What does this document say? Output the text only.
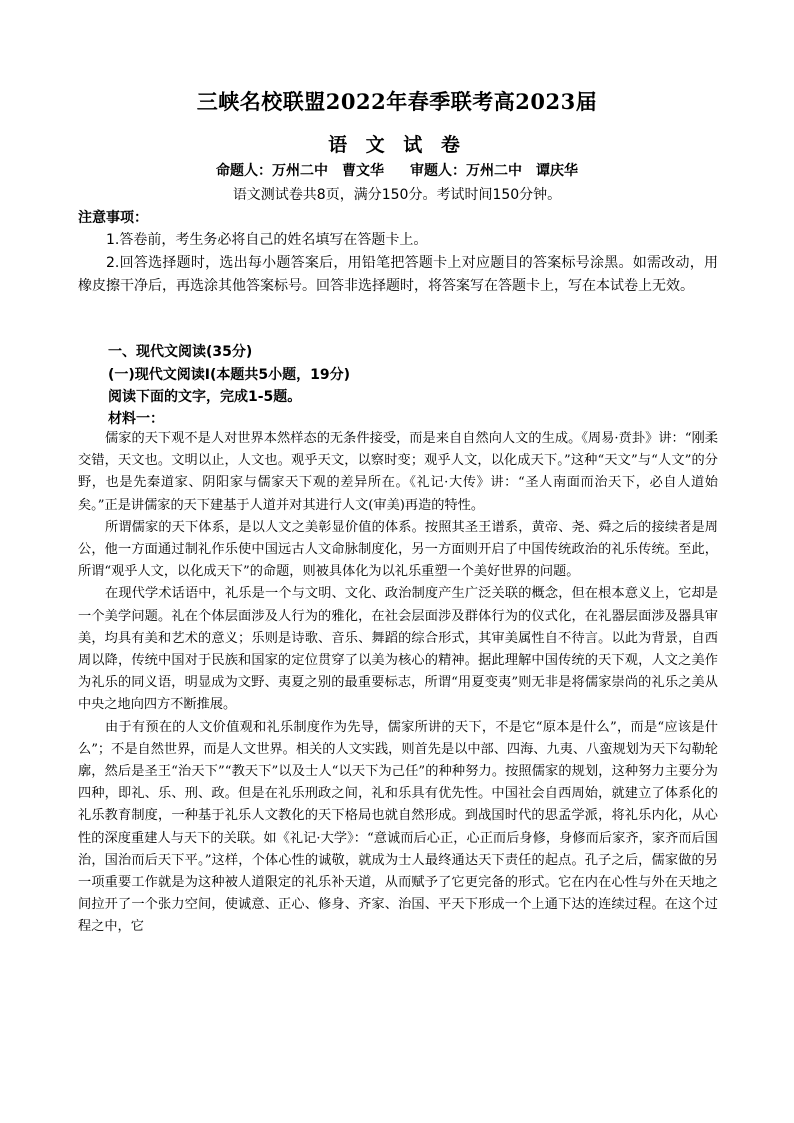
三峡名校联盟2022年春季联考高2023届
语 文 试 卷
命题人：万州二中　曹文华 审题人：万州二中　谭庆华
语文测试卷共8页，满分150分。考试时间150分钟。
注意事项：

1.答卷前，考生务必将自己的姓名填写在答题卡上。

2.回答选择题时，选出每小题答案后，用铅笔把答题卡上对应题目的答案标号涂黑。如需改动，用橡皮擦干净后，再选涂其他答案标号。回答非选择题时，将答案写在答题卡上，写在本试卷上无效。

一、现代文阅读(35分)
(一)现代文阅读Ⅰ(本题共5小题，19分)
阅读下面的文字，完成1-5题。
材料一：

儒家的天下观不是人对世界本然样态的无条件接受，而是来自自然向人文的生成。《周易·贲卦》讲：“刚柔交错，天文也。文明以止，人文也。观乎天文，以察时变；观乎人文，以化成天下。”这种“天文”与“人文”的分野，也是先秦道家、阴阳家与儒家天下观的差异所在。《礼记·大传》讲：“圣人南面而治天下，必自人道始矣。”正是讲儒家的天下建基于人道并对其进行人文(审美)再造的特性。

所谓儒家的天下体系，是以人文之美彰显价值的体系。按照其圣王谱系，黄帝、尧、舜之后的接续者是周公，他一方面通过制礼作乐使中国远古人文命脉制度化，另一方面则开启了中国传统政治的礼乐传统。至此，所谓“观乎人文，以化成天下”的命题，则被具体化为以礼乐重塑一个美好世界的问题。

在现代学术话语中，礼乐是一个与文明、文化、政治制度产生广泛关联的概念，但在根本意义上，它却是一个美学问题。礼在个体层面涉及人行为的雅化，在社会层面涉及群体行为的仪式化，在礼器层面涉及器具审美，均具有美和艺术的意义；乐则是诗歌、音乐、舞蹈的综合形式，其审美属性自不待言。以此为背景，自西周以降，传统中国对于民族和国家的定位贯穿了以美为核心的精神。据此理解中国传统的天下观，人文之美作为礼乐的同义语，明显成为文野、夷夏之别的最重要标志，所谓“用夏变夷”则无非是将儒家崇尚的礼乐之美从中央之地向四方不断推展。

由于有预在的人文价值观和礼乐制度作为先导，儒家所讲的天下，不是它“原本是什么”，而是“应该是什么”；不是自然世界，而是人文世界。相关的人文实践，则首先是以中部、四海、九夷、八蛮规划为天下勾勒轮廓，然后是圣王“治天下”“教天下”以及士人“以天下为己任”的种种努力。按照儒家的规划，这种努力主要分为四种，即礼、乐、刑、政。但是在礼乐刑政之间，礼和乐具有优先性。中国社会自西周始，就建立了体系化的礼乐教育制度，一种基于礼乐人文教化的天下格局也就自然形成。到战国时代的思孟学派，将礼乐内化，从心性的深度重建人与天下的关联。如《礼记·大学》：“意诚而后心正，心正而后身修，身修而后家齐，家齐而后国治，国治而后天下平。”这样，个体心性的诚敬，就成为士人最终通达天下责任的起点。孔子之后，儒家做的另一项重要工作就是为这种被人道限定的礼乐补天道，从而赋予了它更完备的形式。它在内在心性与外在天地之间拉开了一个张力空间，使诚意、正心、修身、齐家、治国、平天下形成一个上通下达的连续过程。在这个过程之中，它
